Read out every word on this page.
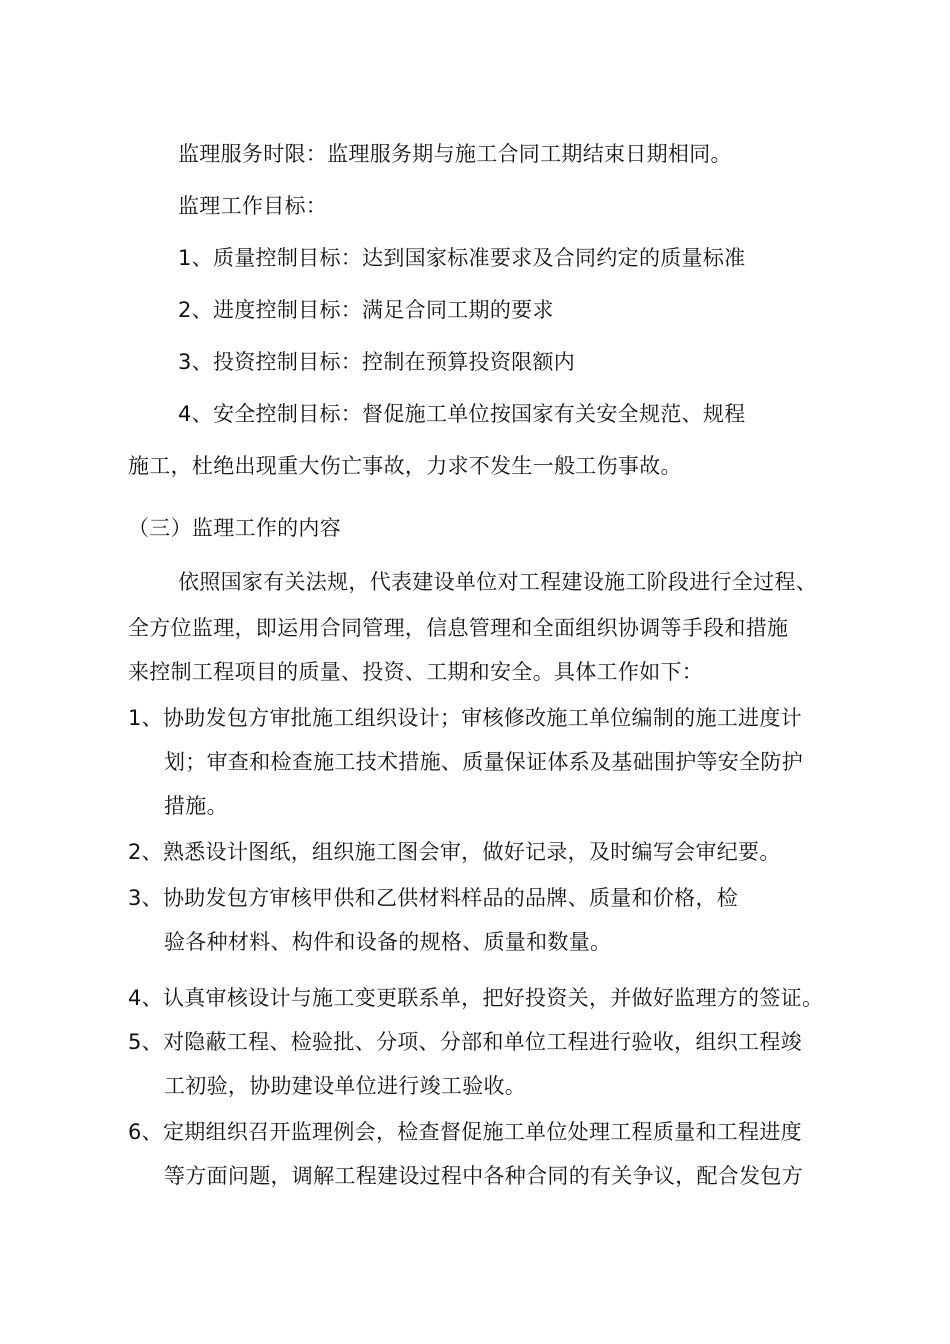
监理服务时限：监理服务期与施工合同工期结束日期相同。
监理工作目标：
1、质量控制目标：达到国家标准要求及合同约定的质量标准
2、进度控制目标：满足合同工期的要求
3、投资控制目标：控制在预算投资限额内
4、安全控制目标：督促施工单位按国家有关安全规范、规程
施工，杜绝出现重大伤亡事故，力求不发生一般工伤事故。
（三）监理工作的内容
依照国家有关法规，代表建设单位对工程建设施工阶段进行全过程、
全方位监理，即运用合同管理，信息管理和全面组织协调等手段和措施
来控制工程项目的质量、投资、工期和安全。具体工作如下：
1、协助发包方审批施工组织设计；审核修改施工单位编制的施工进度计
划；审查和检查施工技术措施、质量保证体系及基础围护等安全防护
措施。
2、熟悉设计图纸，组织施工图会审，做好记录，及时编写会审纪要。
3、协助发包方审核甲供和乙供材料样品的品牌、质量和价格，检
验各种材料、构件和设备的规格、质量和数量。
4、认真审核设计与施工变更联系单，把好投资关，并做好监理方的签证。
5、对隐蔽工程、检验批、分项、分部和单位工程进行验收，组织工程竣
工初验，协助建设单位进行竣工验收。
6、定期组织召开监理例会，检查督促施工单位处理工程质量和工程进度
等方面问题，调解工程建设过程中各种合同的有关争议，配合发包方
